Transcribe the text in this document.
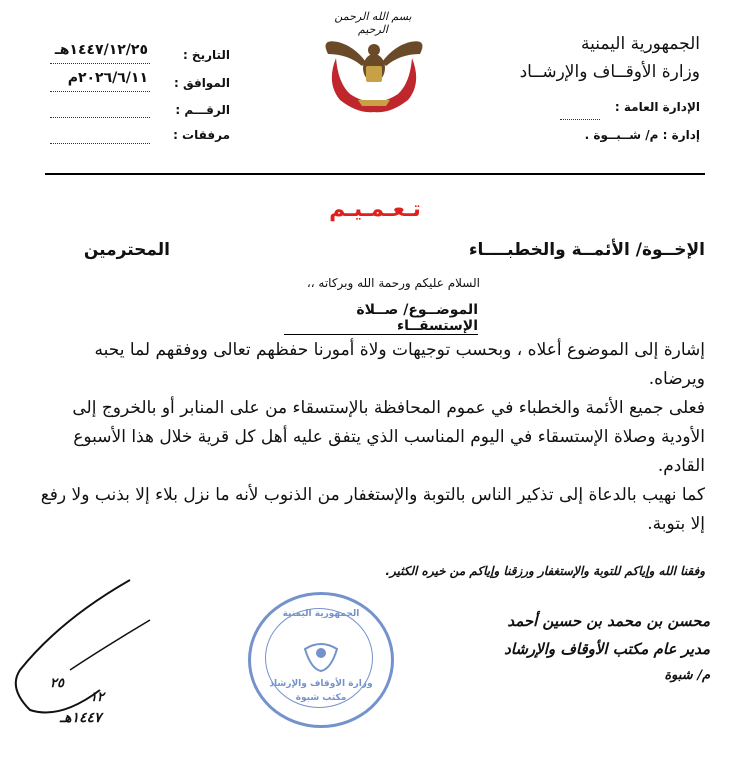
بسم الله الرحمن الرحيم
الجمهورية اليمنية
وزارة الأوقــاف والإرشــاد
الإدارة العامة :
إدارة : م/ شــبــوة .
التاريخ :
١٤٤٧/١٢/٢٥هـ
الموافق :
٢٠٢٦/٦/١١م
الرقـــم :
مرفقات :
تـعـمـيـم
الإخــوة/ الأئمــة والخطبــــاء
المحترمين
السلام عليكم ورحمة الله وبركاته ،،
الموضــوع/ صــلاة الإستسقــاء
إشارة إلى الموضوع أعلاه ، وبحسب توجيهات ولاة أمورنا حفظهم تعالى ووفقهم لما يحبه ويرضاه.
فعلى جميع الأئمة والخطباء في عموم المحافظة بالإستسقاء من على المنابر أو بالخروج إلى الأودية وصلاة الإستسقاء في اليوم المناسب الذي يتفق عليه أهل كل قرية خلال هذا الأسبوع القادم.
كما نهيب بالدعاة إلى تذكير الناس بالتوبة والإستغفار من الذنوب لأنه ما نزل بلاء إلا بذنب ولا رفع إلا بتوبة.
وفقنا الله وإياكم للتوبة والإستغفار ورزقنا وإياكم من خيره الكثير.
محسن بن محمد بن حسين أحمد
مدير عام مكتب الأوقاف والإرشاد
م/ شبوة
٢٥
١٢
١٤٤٧هـ
الجمهورية اليمنية
وزارة الأوقاف والإرشاد
مكتب شبوة
